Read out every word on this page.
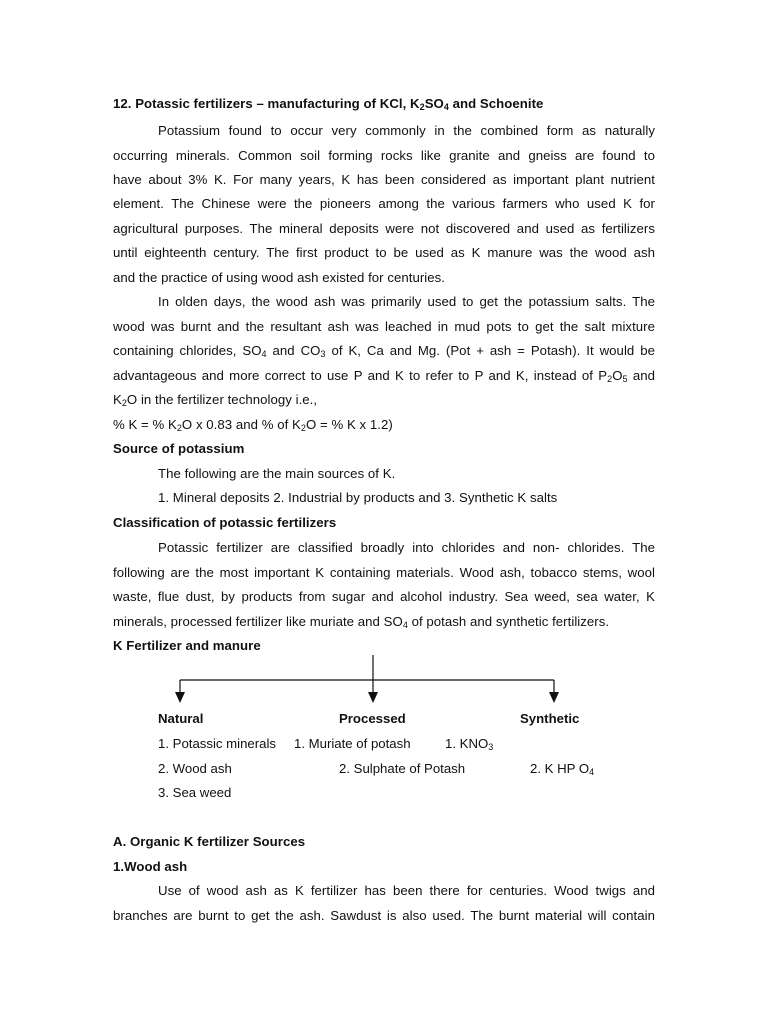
12. Potassic fertilizers – manufacturing of KCl, $K_2SO_4$ and Schoenite
Potassium found to occur very commonly in the combined form as naturally
occurring minerals. Common soil forming rocks like granite and gneiss are found to
have about 3% K. For many years, K has been considered as important plant nutrient
element. The Chinese were the pioneers among the various farmers who used K for
agricultural purposes. The mineral deposits were not discovered and used as fertilizers
until eighteenth century. The first product to be used as K manure was the wood ash
and the practice of using wood ash existed for centuries.
In olden days, the wood ash was primarily used to get the potassium salts. The
wood was burnt and the resultant ash was leached in mud pots to get the salt mixture
containing chlorides, $SO_4$ and $CO_3$ of K, Ca and Mg. (Pot + ash = Potash). It would be
advantageous and more correct to use P and K to refer to P and K, instead of $P_2O_5$ and
$K_2O$ in the fertilizer technology i.e.,
% K = % $K_2O$ x 0.83 and % of $K_2O$ = % K x 1.2)
Source of potassium
The following are the main sources of K.
1. Mineral deposits 2. Industrial by products and 3. Synthetic K salts
Classification of potassic fertilizers
Potassic fertilizer are classified broadly into chlorides and non- chlorides. The
following are the most important K containing materials. Wood ash, tobacco stems, wool
waste, flue dust, by products from sugar and alcohol industry. Sea weed, sea water, K
minerals, processed fertilizer like muriate and $SO_4$ of potash and synthetic fertilizers.
K Fertilizer and manure
Natural	Processed	Synthetic
1. Potassic minerals 1. Muriate of potash	1. $KNO_3$
2. Wood ash	2. Sulphate of Potash	2. K HP $O_4$
3. Sea weed
A. Organic K fertilizer Sources
1.Wood ash
Use of wood ash as K fertilizer has been there for centuries. Wood twigs and
branches are burnt to get the ash. Sawdust is also used. The burnt material will contain
